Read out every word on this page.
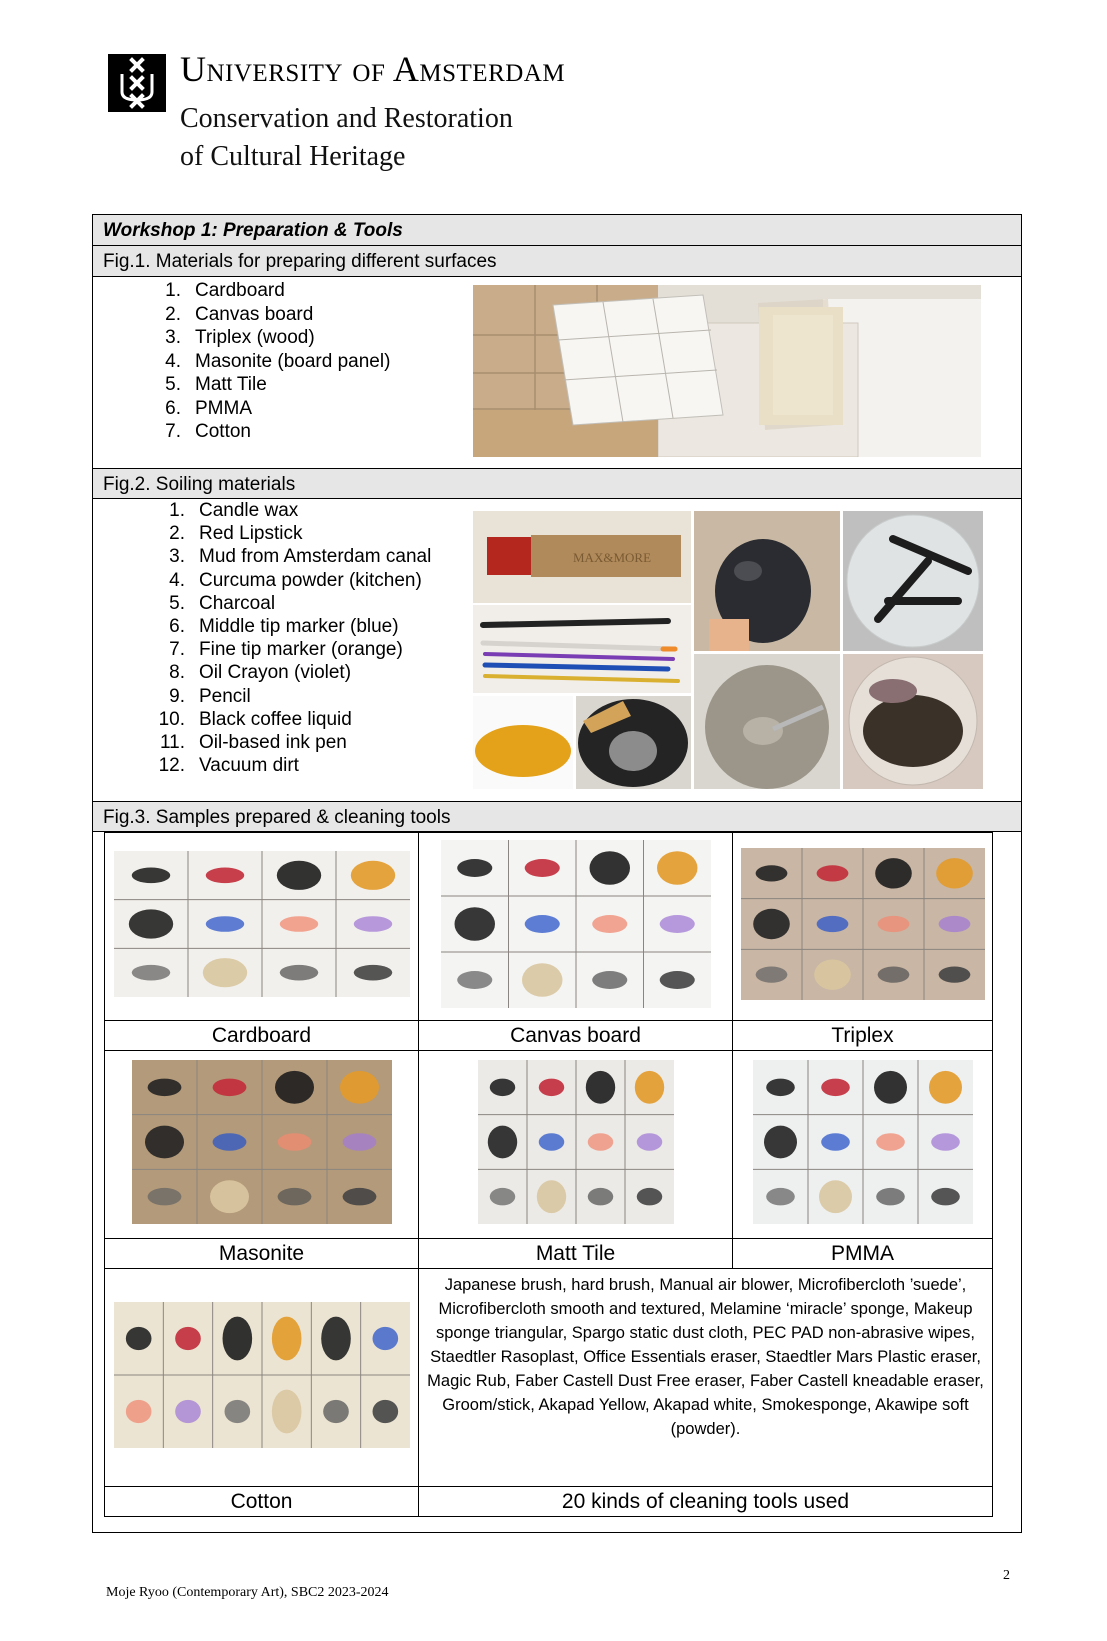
University of Amsterdam
Conservation and Restoration
of Cultural Heritage
Workshop 1: Preparation & Tools
Fig.1. Materials for preparing different surfaces
1. Cardboard
2. Canvas board
3. Triplex (wood)
4. Masonite (board panel)
5. Matt Tile
6. PMMA
7. Cotton
Fig.2. Soiling materials
1. Candle wax
2. Red Lipstick
3. Mud from Amsterdam canal
4. Curcuma powder (kitchen)
5. Charcoal
6. Middle tip marker (blue)
7. Fine tip marker (orange)
8. Oil Crayon (violet)
9. Pencil
10. Black coffee liquid
11. Oil-based ink pen
12. Vacuum dirt
MAX&MORE
Fig.3. Samples prepared & cleaning tools

Cardboard	Canvas board	Triplex

Masonite	Matt Tile	PMMA

	Japanese brush, hard brush, Manual air blower, Microfibercloth ’suede’, Microfibercloth smooth and textured, Melamine ‘miracle’ sponge, Makeup sponge triangular, Spargo static dust cloth, PEC PAD non-abrasive wipes, Staedtler Rasoplast, Office Essentials eraser, Staedtler Mars Plastic eraser, Magic Rub, Faber Castell Dust Free eraser, Faber Castell kneadable eraser, Groom/stick, Akapad Yellow, Akapad white, Smokesponge, Akawipe soft (powder).	
Cotton	20 kinds of cleaning tools used	
2
Moje Ryoo (Contemporary Art), SBC2 2023-2024
